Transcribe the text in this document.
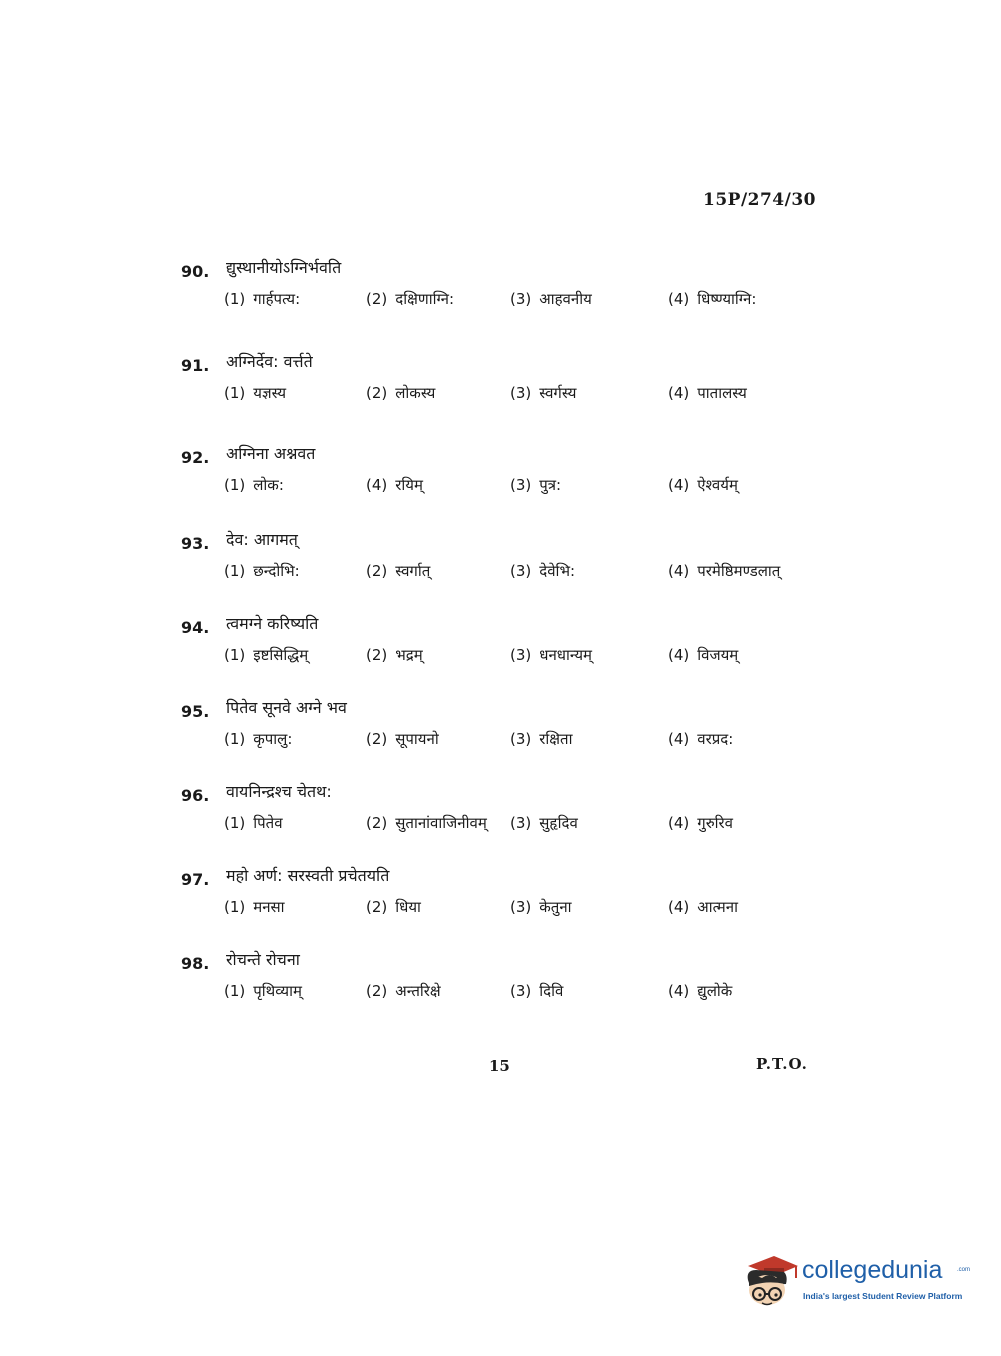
15P/274/30
90. द्युस्थानीयोऽग्निर्भवति
(1) गार्हपत्य:	(2) दक्षिणाग्नि:	(3) आहवनीय	(4) धिष्ण्याग्नि:
91. अग्निर्देव: वर्त्तते
(1) यज्ञस्य	(2) लोकस्य	(3) स्वर्गस्य	(4) पातालस्य
92. अग्निना अश्नवत
(1) लोक:	(4) रयिम्	(3) पुत्र:	(4) ऐश्वर्यम्
93. देव: आगमत्
(1) छन्दोभि:	(2) स्वर्गात्	(3) देवेभि:	(4) परमेष्ठिमण्डलात्
94. त्वमग्ने करिष्यति
(1) इष्टसिद्धिम्	(2) भद्रम्	(3) धनधान्यम्	(4) विजयम्
95. पितेव सूनवे अग्ने भव
(1) कृपालु:	(2) सूपायनो	(3) रक्षिता	(4) वरप्रद:
96. वायनिन्द्रश्च चेतथ:
(1) पितेव	(2) सुतानांवाजिनीवम् (3) सुहृदिव	(4) गुरुरिव
97. महो अर्ण: सरस्वती प्रचेतयति
(1) मनसा	(2) धिया	(3) केतुना	(4) आत्मना
98. रोचन्ते रोचना
(1) पृथिव्याम्	(2) अन्तरिक्षे	(3) दिवि	(4) द्युलोके
15	P.T.O.
collegedunia .com
India's largest Student Review Platform
